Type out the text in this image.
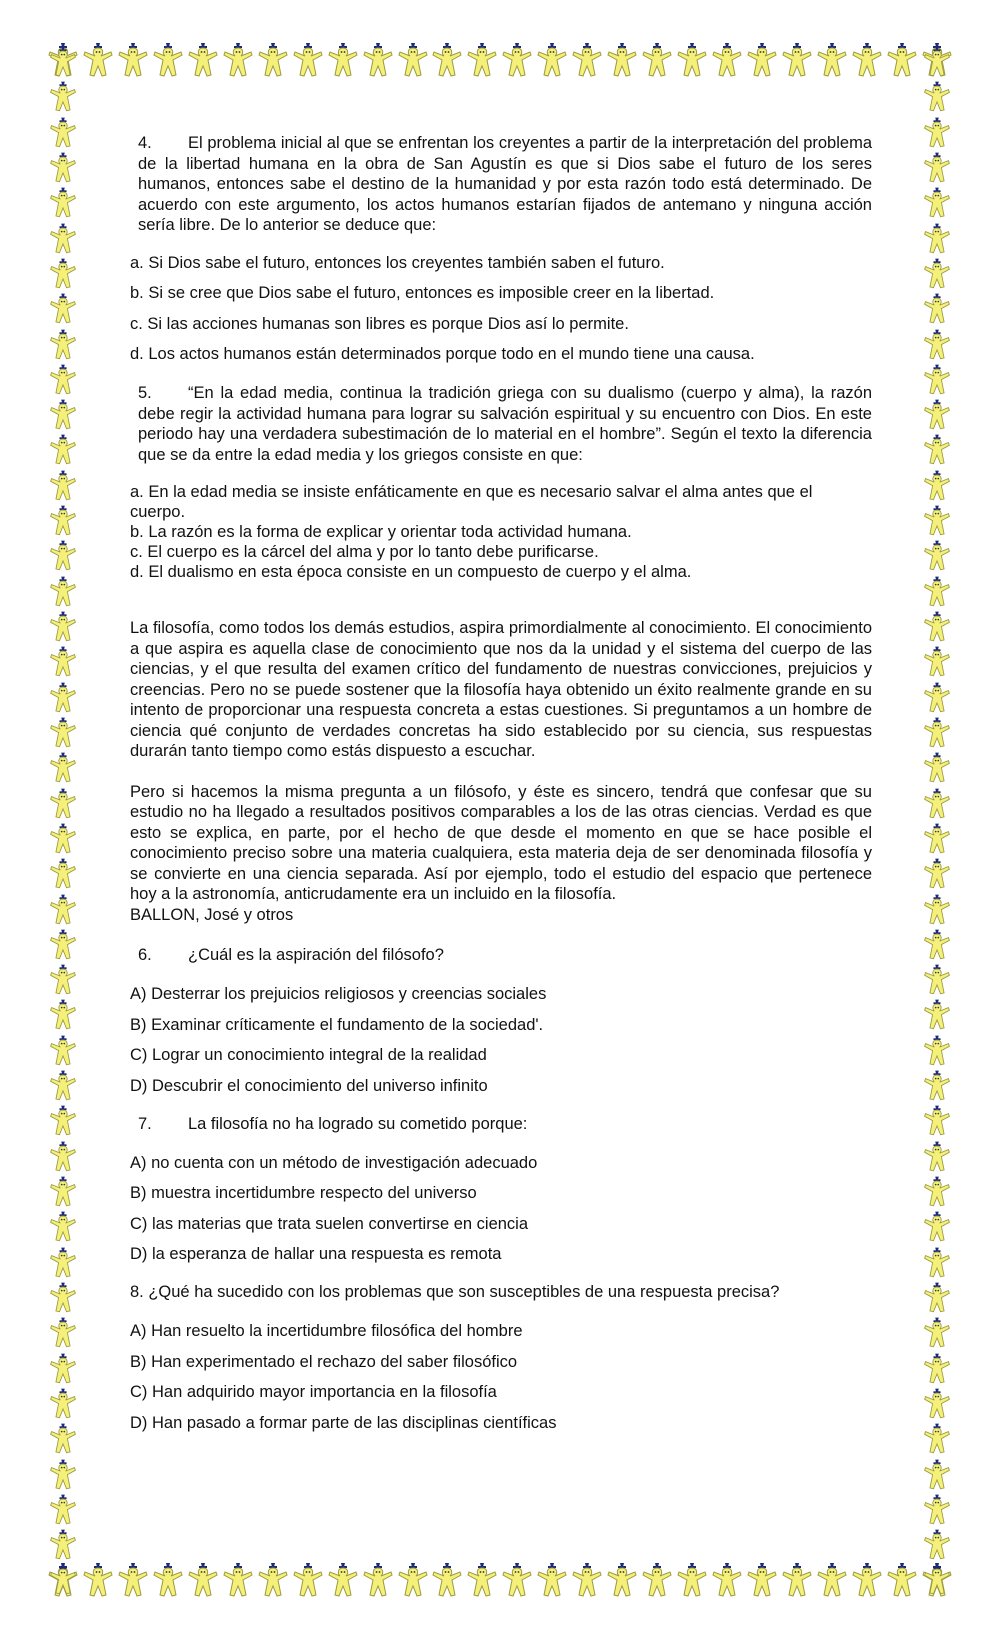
4. El problema inicial al que se enfrentan los creyentes a partir de la interpretación del problema de la libertad humana en la obra de San Agustín es que si Dios sabe el futuro de los seres humanos, entonces sabe el destino de la humanidad y por esta razón todo está determinado. De acuerdo con este argumento, los actos humanos estarían fijados de antemano y ninguna acción sería libre. De lo anterior se deduce que:

a. Si Dios sabe el futuro, entonces los creyentes también saben el futuro.

b. Si se cree que Dios sabe el futuro, entonces es imposible creer en la libertad.

c. Si las acciones humanas son libres es porque Dios así lo permite.

d. Los actos humanos están determinados porque todo en el mundo tiene una causa.

5. “En la edad media, continua la tradición griega con su dualismo (cuerpo y alma), la razón debe regir la actividad humana para lograr su salvación espiritual y su encuentro con Dios. En este periodo hay una verdadera subestimación de lo material en el hombre”. Según el texto la diferencia que se da entre la edad media y los griegos consiste en que:

a. En la edad media se insiste enfáticamente en que es necesario salvar el alma antes que el cuerpo.

b. La razón es la forma de explicar y orientar toda actividad humana.

c. El cuerpo es la cárcel del alma y por lo tanto debe purificarse.

d. El dualismo en esta época consiste en un compuesto de cuerpo y el alma.

La filosofía, como todos los demás estudios, aspira primordialmente al conocimiento. El conocimiento a que aspira es aquella clase de conocimiento que nos da la unidad y el sistema del cuerpo de las ciencias, y el que resulta del examen crítico del fundamento de nuestras convicciones, prejuicios y creencias. Pero no se puede sostener que la filosofía haya obtenido un éxito realmente grande en su intento de proporcionar una respuesta concreta a estas cuestiones. Si preguntamos a un hombre de ciencia qué conjunto de verdades concretas ha sido establecido por su ciencia, sus respuestas durarán tanto tiempo como estás dispuesto a escuchar.

Pero si hacemos la misma pregunta a un filósofo, y éste es sincero, tendrá que confesar que su estudio no ha llegado a resultados positivos comparables a los de las otras ciencias. Verdad es que esto se explica, en parte, por el hecho de que desde el momento en que se hace posible el conocimiento preciso sobre una materia cualquiera, esta materia deja de ser denominada filosofía y se convierte en una ciencia separada. Así por ejemplo, todo el estudio del espacio que pertenece hoy a la astronomía, anticrudamente era un incluido en la filosofía.

BALLON, José y otros

6. ¿Cuál es la aspiración del filósofo?

A) Desterrar los prejuicios religiosos y creencias sociales

B) Examinar críticamente el fundamento de la sociedad'.

C) Lograr un conocimiento integral de la realidad

D) Descubrir el conocimiento del universo infinito

7. La filosofía no ha logrado su cometido porque:

A) no cuenta con un método de investigación adecuado

B) muestra incertidumbre respecto del universo

C) las materias que trata suelen convertirse en ciencia

D) la esperanza de hallar una respuesta es remota

8. ¿Qué ha sucedido con los problemas que son susceptibles de una respuesta precisa?

A) Han resuelto la incertidumbre filosófica del hombre

B) Han experimentado el rechazo del saber filosófico

C) Han adquirido mayor importancia en la filosofía

D) Han pasado a formar parte de las disciplinas científicas
